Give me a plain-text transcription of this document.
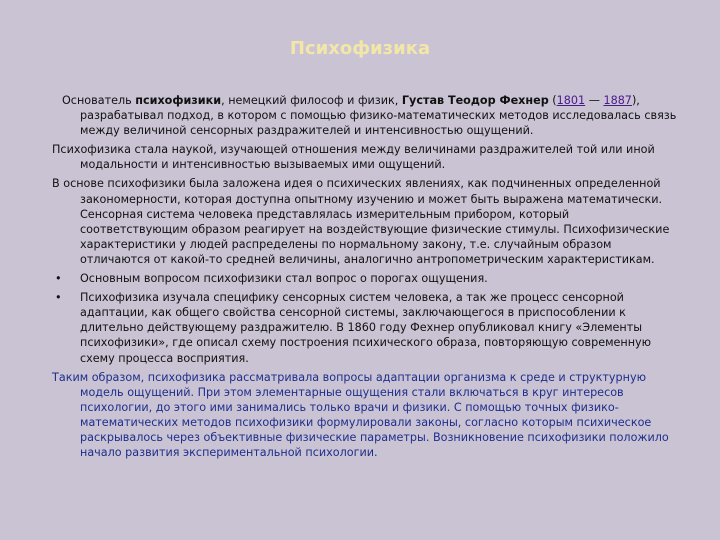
Психофизика

Основатель психофизики, немецкий философ и физик, Густав Теодор Фехнер (1801 — 1887), разрабатывал подход, в котором с помощью физико-математических методов исследовалась связь между величиной сенсорных раздражителей и интенсивностью ощущений.

Психофизика стала наукой, изучающей отношения между величинами раздражителей той или иной модальности и интенсивностью вызываемых ими ощущений.

В основе психофизики была заложена идея о психических явлениях, как подчиненных определенной закономерности, которая доступна опытному изучению и может быть выражена математически. Сенсорная система человека представлялась измерительным прибором, который соответствующим образом реагирует на воздействующие физические стимулы. Психофизические характеристики у людей распределены по нормальному закону, т.е. случайным образом отличаются от какой-то средней величины, аналогично антропометрическим характеристикам.

• Основным вопросом психофизики стал вопрос о порогах ощущения.
• Психофизика изучала специфику сенсорных систем человека, а так же процесс сенсорной адаптации, как общего свойства сенсорной системы, заключающегося в приспособлении к длительно действующему раздражителю. В 1860 году Фехнер опубликовал книгу «Элементы психофизики», где описал схему построения психического образа, повторяющую современную схему процесса восприятия.

Таким образом, психофизика рассматривала вопросы адаптации организма к среде и структурную модель ощущений. При этом элементарные ощущения стали включаться в круг интересов психологии, до этого ими занимались только врачи и физики. С помощью точных физико-математических методов психофизики формулировали законы, согласно которым психическое раскрывалось через объективные физические параметры. Возникновение психофизики положило начало развития экспериментальной психологии.
